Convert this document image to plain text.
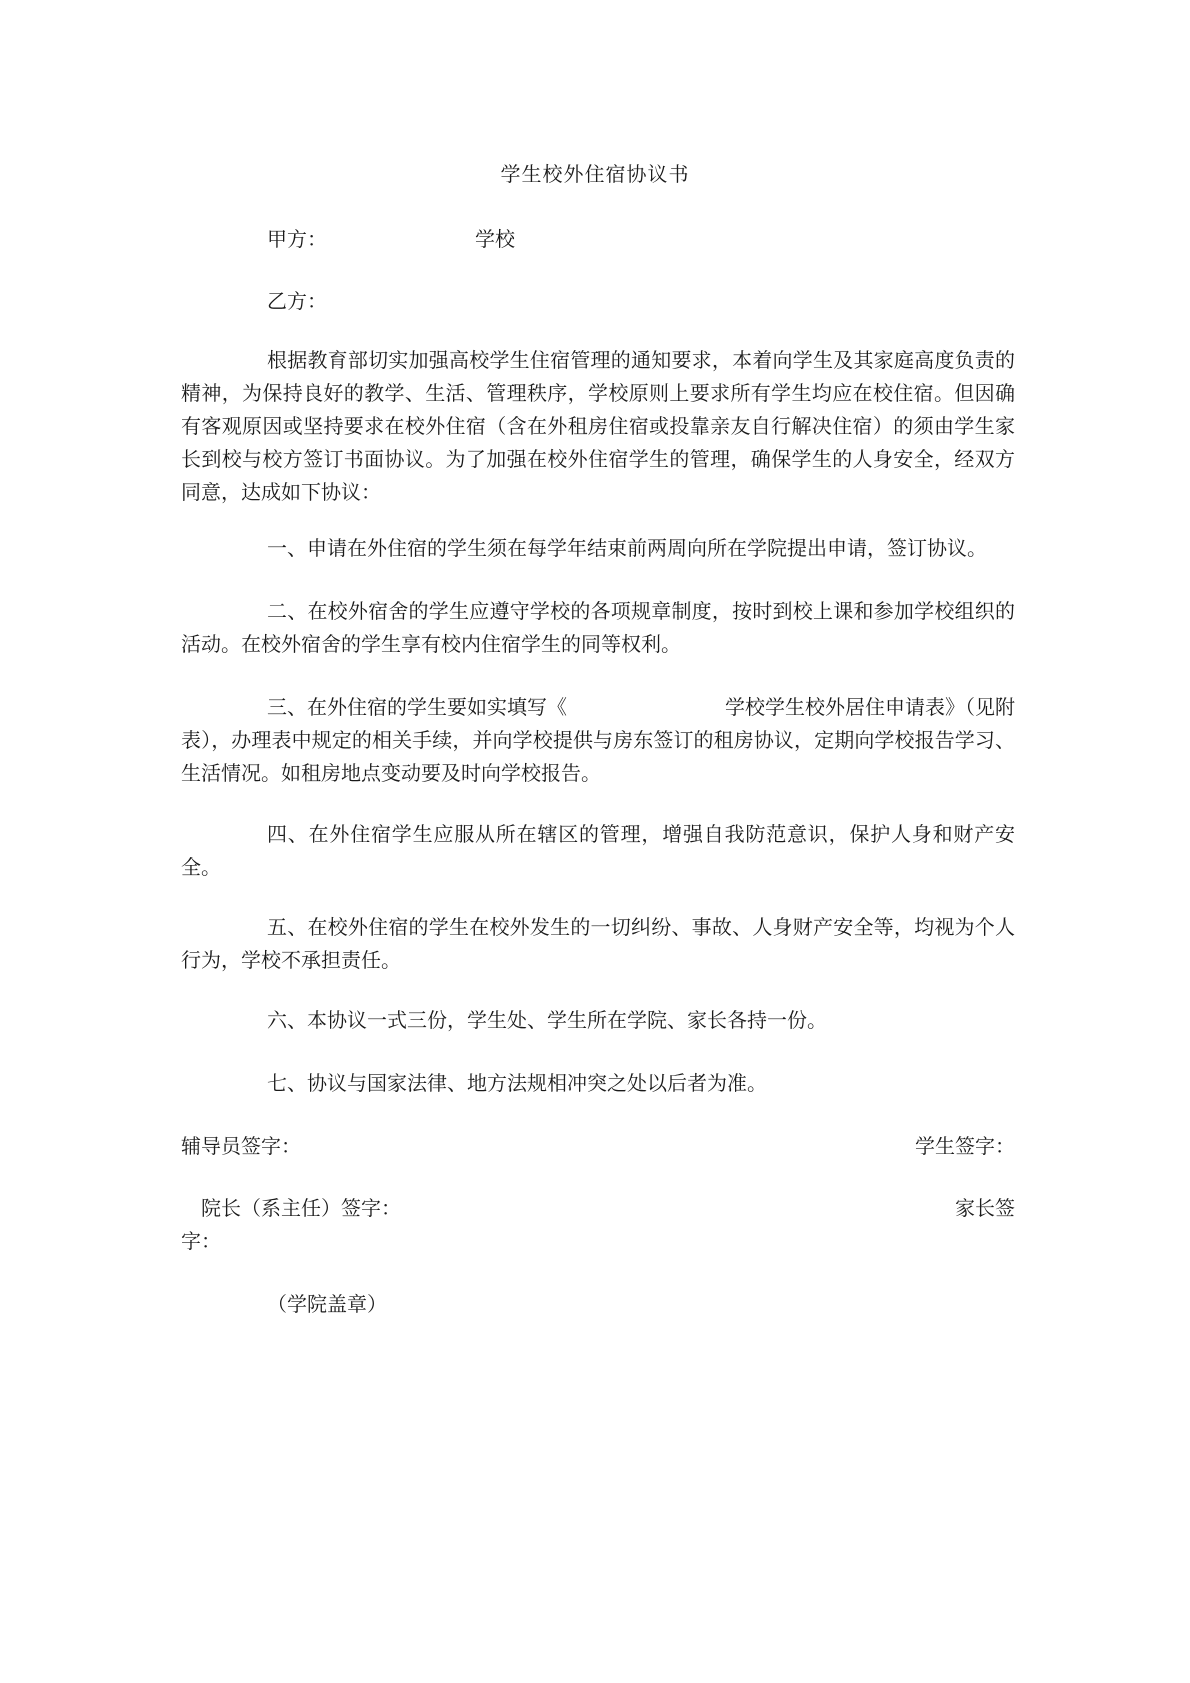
学生校外住宿协议书
甲方：	学校
乙方：
根据教育部切实加强高校学生住宿管理的通知要求，本着向学生及其家庭高度负责的精神，为保持良好的教学、生活、管理秩序，学校原则上要求所有学生均应在校住宿。但因确有客观原因或坚持要求在校外住宿（含在外租房住宿或投靠亲友自行解决住宿）的须由学生家长到校与校方签订书面协议。为了加强在校外住宿学生的管理，确保学生的人身安全，经双方同意，达成如下协议：
一、申请在外住宿的学生须在每学年结束前两周向所在学院提出申请，签订协议。
二、在校外宿舍的学生应遵守学校的各项规章制度，按时到校上课和参加学校组织的活动。在校外宿舍的学生享有校内住宿学生的同等权利。
三、在外住宿的学生要如实填写《	学校学生校外居住申请表》（见附表），办理表中规定的相关手续，并向学校提供与房东签订的租房协议，定期向学校报告学习、生活情况。如租房地点变动要及时向学校报告。
四、在外住宿学生应服从所在辖区的管理，增强自我防范意识，保护人身和财产安全。
五、在校外住宿的学生在校外发生的一切纠纷、事故、人身财产安全等，均视为个人行为，学校不承担责任。
六、本协议一式三份，学生处、学生所在学院、家长各持一份。
七、协议与国家法律、地方法规相冲突之处以后者为准。
辅导员签字：	学生签字：
院长（系主任）签字：	家长签
字：
（学院盖章）
